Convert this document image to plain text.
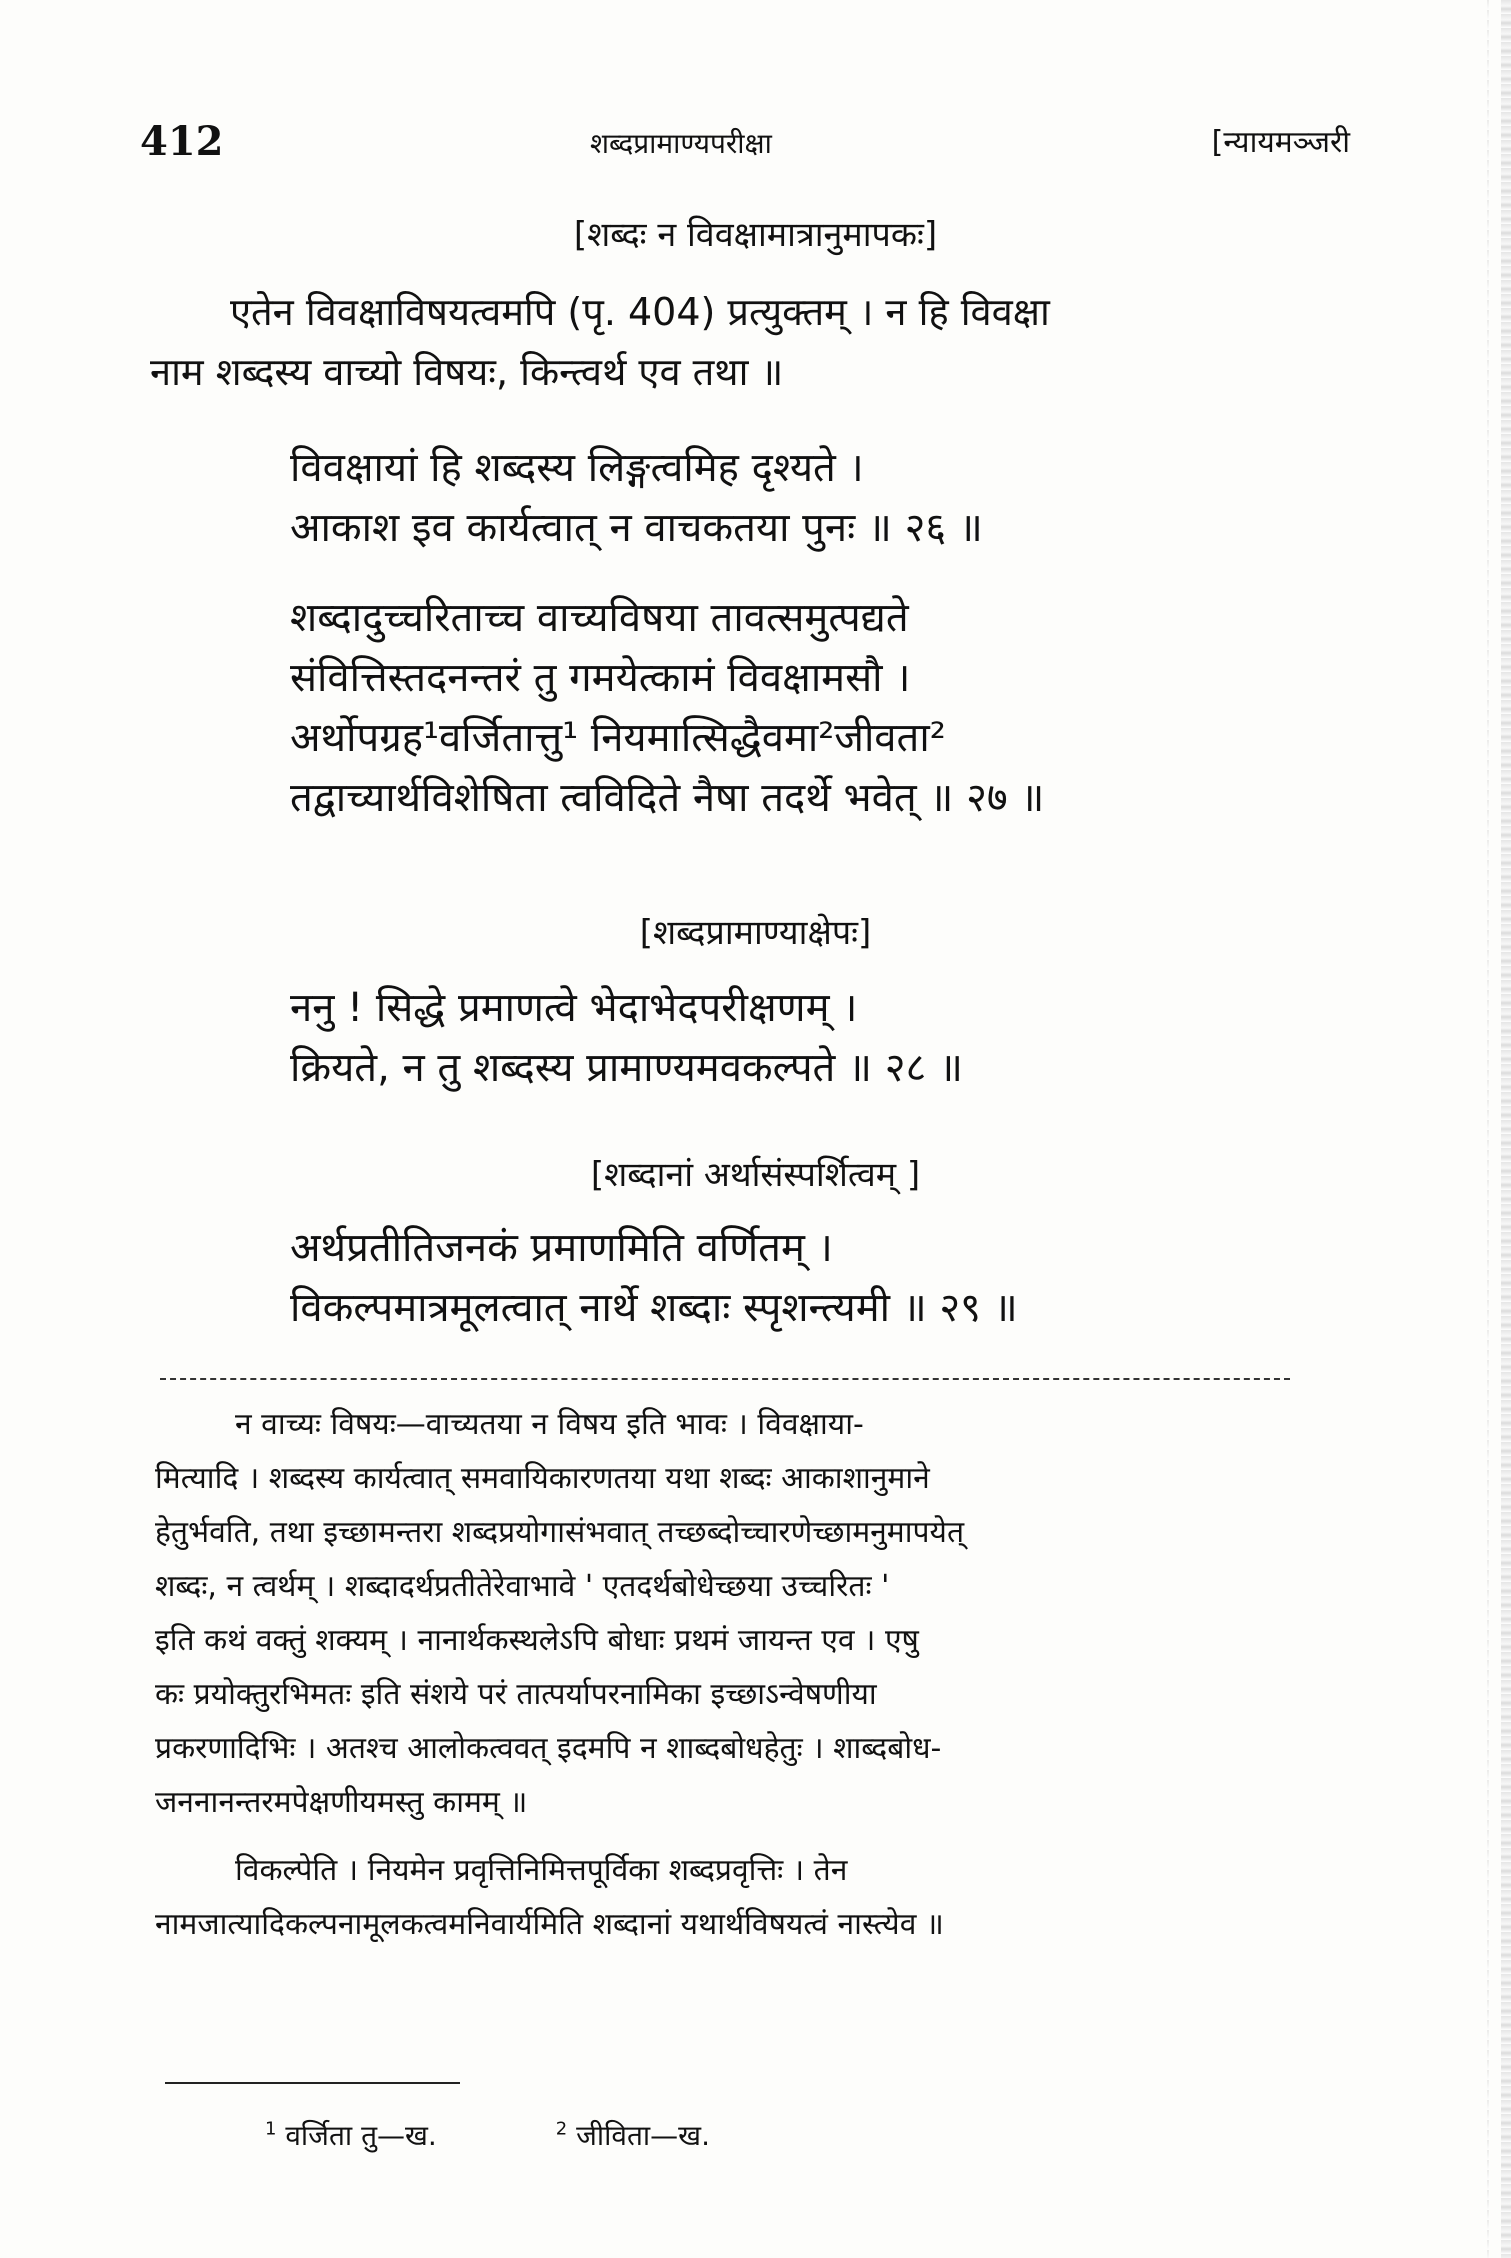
412	शब्दप्रामाण्यपरीक्षा	[न्यायमञ्जरी
[शब्दः न विवक्षामात्रानुमापकः]
एतेन विवक्षाविषयत्वमपि (पृ. 404) प्रत्युक्तम् । न हि विवक्षा
नाम शब्दस्य वाच्यो विषयः, किन्त्वर्थ एव तथा ॥
विवक्षायां हि शब्दस्य लिङ्गत्वमिह दृश्यते ।
आकाश इव कार्यत्वात् न वाचकतया पुनः ॥ २६ ॥
शब्दादुच्चरिताच्च वाच्यविषया तावत्समुत्पद्यते
संवित्तिस्तदनन्तरं तु गमयेत्कामं विवक्षामसौ ।
अर्थोपग्रह¹वर्जितात्तु¹ नियमात्सिद्धैवमा²जीवता²
तद्वाच्यार्थविशेषिता त्वविदिते नैषा तदर्थे भवेत् ॥ २७ ॥
[शब्दप्रामाण्याक्षेपः]
ननु ! सिद्धे प्रमाणत्वे भेदाभेदपरीक्षणम् ।
क्रियते, न तु शब्दस्य प्रामाण्यमवकल्पते ॥ २८ ॥
[शब्दानां अर्थासंस्पर्शित्वम् ]
अर्थप्रतीतिजनकं प्रमाणमिति वर्णितम् ।
विकल्पमात्रमूलत्वात् नार्थे शब्दाः स्पृशन्त्यमी ॥ २९ ॥
न वाच्यः विषयः—वाच्यतया न विषय इति भावः । विवक्षाया-
मित्यादि । शब्दस्य कार्यत्वात् समवायिकारणतया यथा शब्दः आकाशानुमाने
हेतुर्भवति, तथा इच्छामन्तरा शब्दप्रयोगासंभवात् तच्छब्दोच्चारणेच्छामनुमापयेत्
शब्दः, न त्वर्थम् । शब्दादर्थप्रतीतेरेवाभावे ' एतदर्थबोधेच्छया उच्चरितः '
इति कथं वक्तुं शक्यम् । नानार्थकस्थलेऽपि बोधाः प्रथमं जायन्त एव । एषु
कः प्रयोक्तुरभिमतः इति संशये परं तात्पर्यापरनामिका इच्छाऽन्वेषणीया
प्रकरणादिभिः । अतश्च आलोकत्ववत् इदमपि न शाब्दबोधहेतुः । शाब्दबोध-
जननानन्तरमपेक्षणीयमस्तु कामम् ॥
विकल्पेति । नियमेन प्रवृत्तिनिमित्तपूर्विका शब्दप्रवृत्तिः । तेन
नामजात्यादिकल्पनामूलकत्वमनिवार्यमिति शब्दानां यथार्थविषयत्वं नास्त्येव ॥
$^1$ वर्जिता तु—ख.	$^2$ जीविता—ख.
